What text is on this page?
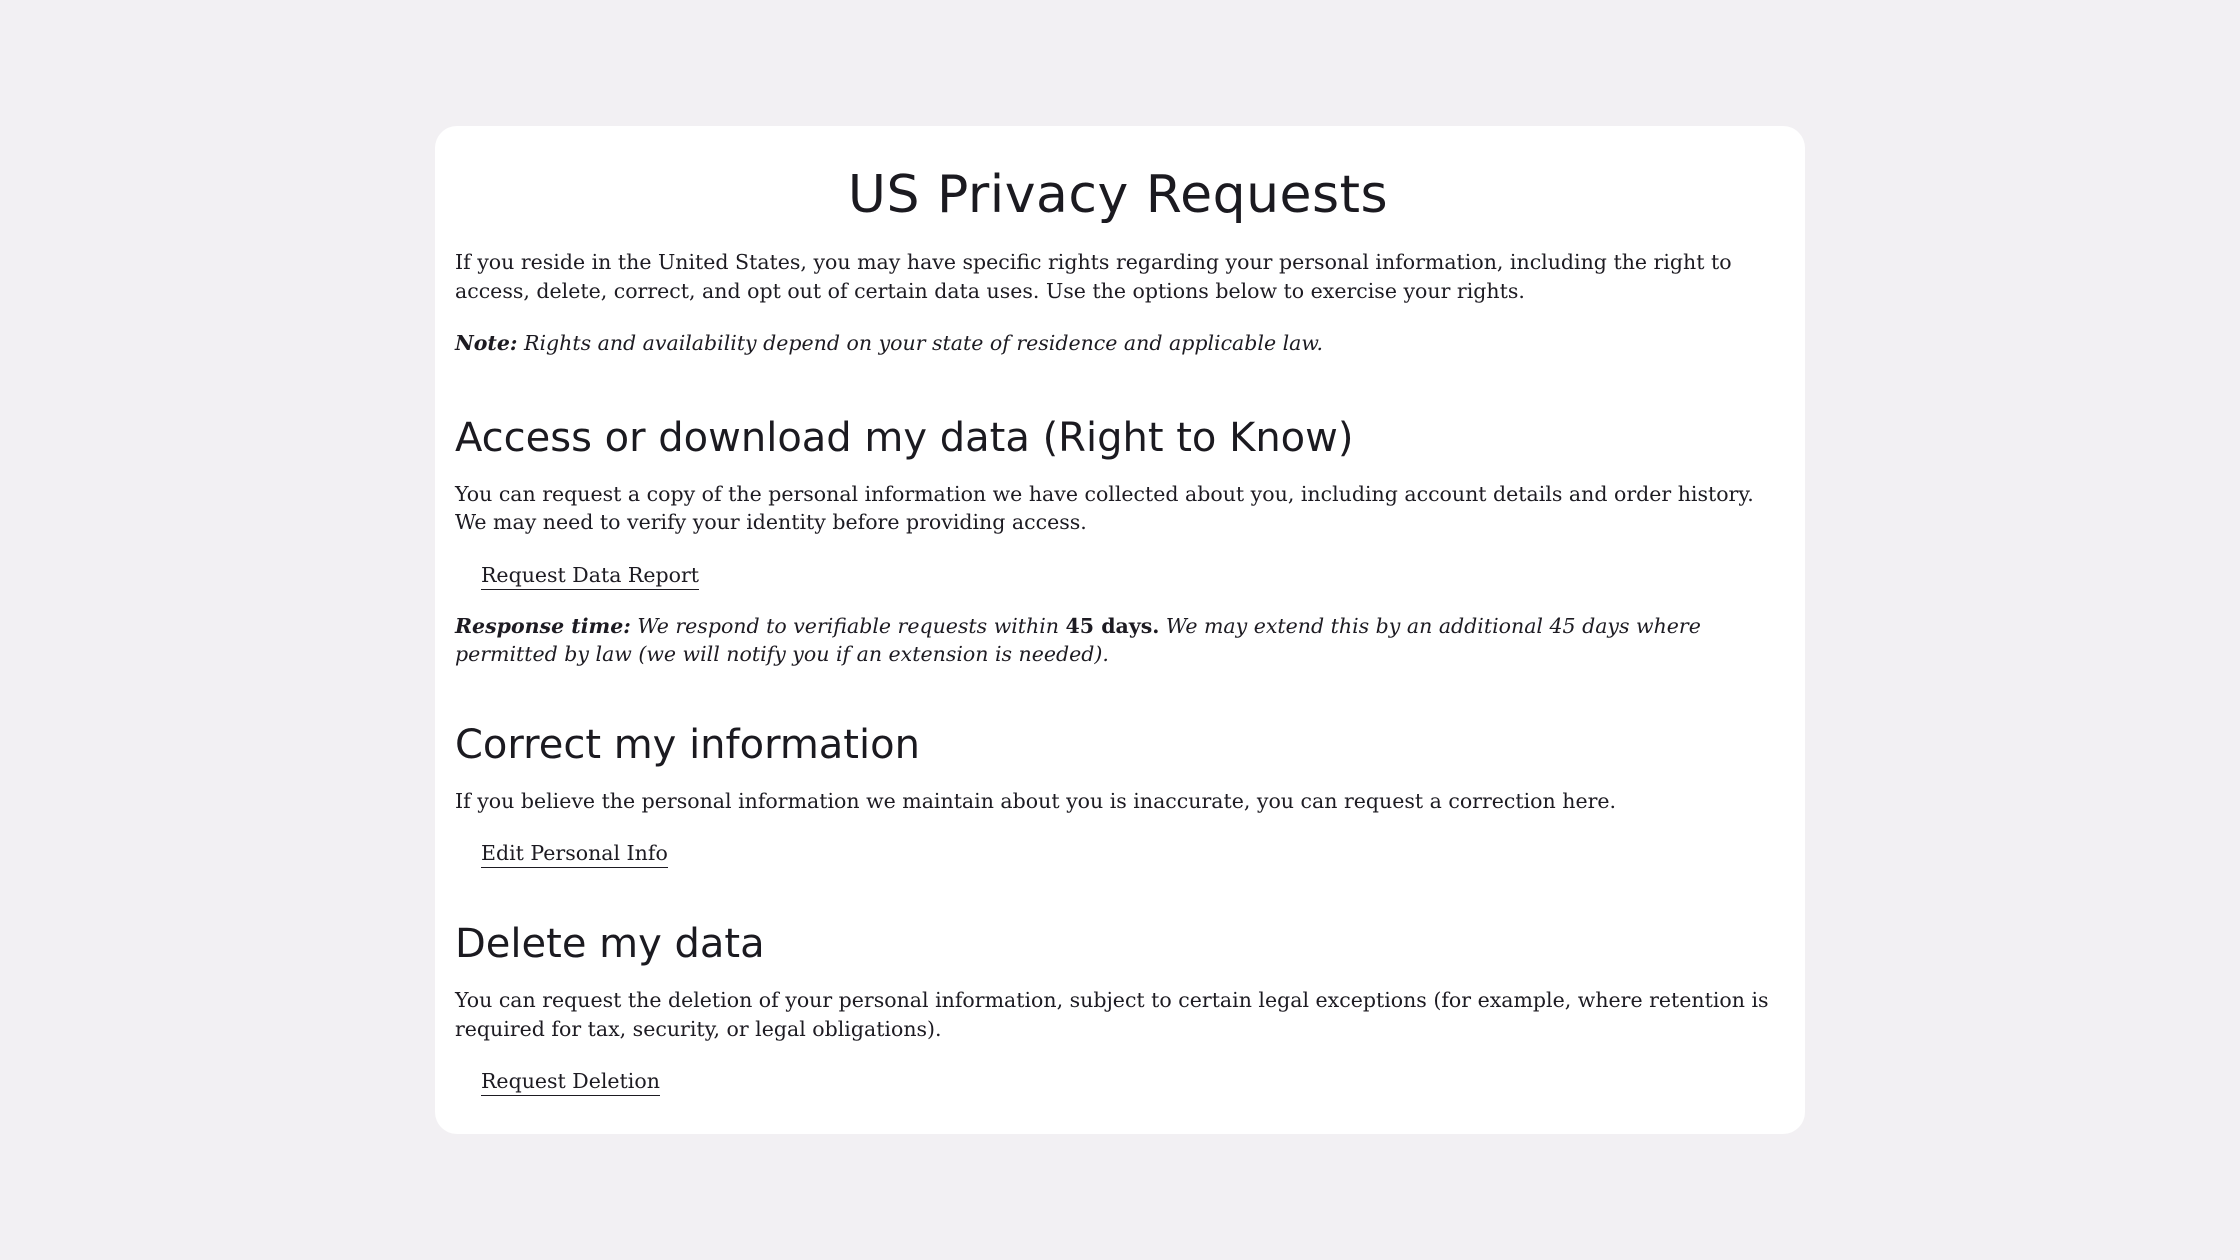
US Privacy Requests

If you reside in the United States, you may have specific rights regarding your personal information, including the right to access, delete, correct, and opt out of certain data uses. Use the options below to exercise your rights.

Note: Rights and availability depend on your state of residence and applicable law.

Access or download my data (Right to Know)

You can request a copy of the personal information we have collected about you, including account details and order history. We may need to verify your identity before providing access.

Request Data Report

Response time: We respond to verifiable requests within 45 days. We may extend this by an additional 45 days where permitted by law (we will notify you if an extension is needed).

Correct my information

If you believe the personal information we maintain about you is inaccurate, you can request a correction here.

Edit Personal Info
Delete my data

You can request the deletion of your personal information, subject to certain legal exceptions (for example, where retention is required for tax, security, or legal obligations).

Request Deletion
